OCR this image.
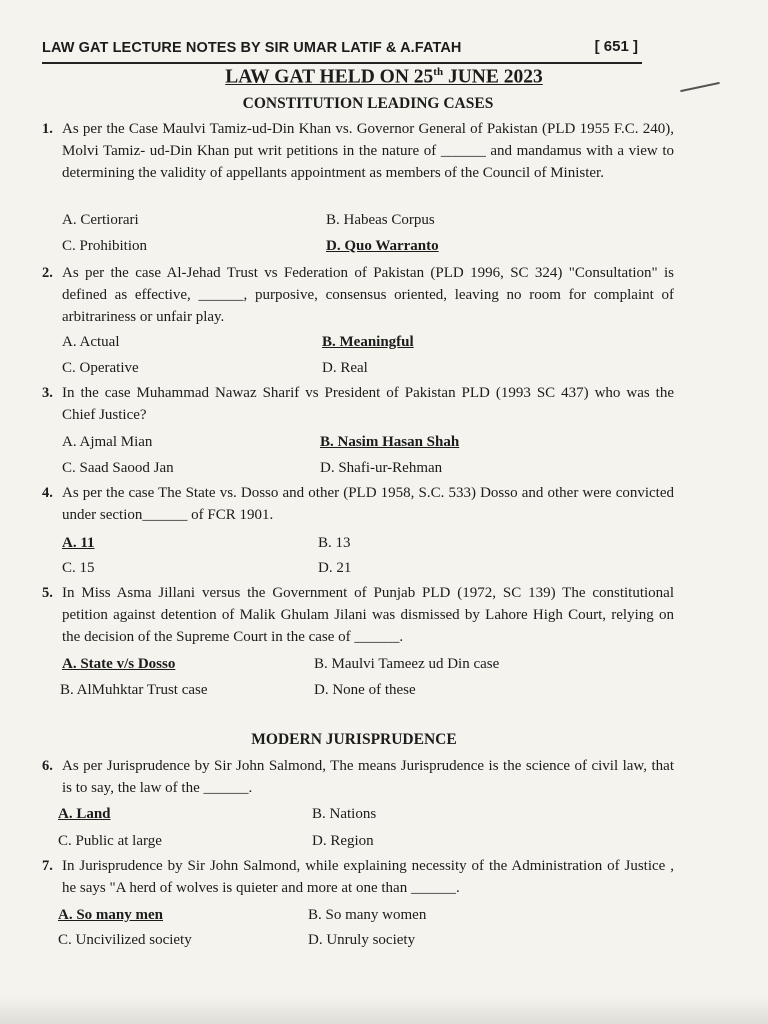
LAW GAT LECTURE NOTES BY SIR UMAR LATIF & A.FATAH	[ 651 ]
LAW GAT HELD ON 25th JUNE 2023
CONSTITUTION LEADING CASES
1. As per the Case Maulvi Tamiz-ud-Din Khan vs. Governor General of Pakistan (PLD 1955 F.C. 240), Molvi Tamiz- ud-Din Khan put writ petitions in the nature of ______ and mandamus with a view to determining the validity of appellants appointment as members of the Council of Minister.
A. Certiorari	B. Habeas Corpus
C. Prohibition	D. Quo Warranto
2. As per the case Al-Jehad Trust vs Federation of Pakistan (PLD 1996, SC 324) "Consultation" is defined as effective, ______, purposive, consensus oriented, leaving no room for complaint of arbitrariness or unfair play.
A. Actual	B. Meaningful
C. Operative	D. Real
3. In the case Muhammad Nawaz Sharif vs President of Pakistan PLD (1993 SC 437) who was the Chief Justice?
A. Ajmal Mian	B. Nasim Hasan Shah
C. Saad Saood Jan	D. Shafi-ur-Rehman
4. As per the case The State vs. Dosso and other (PLD 1958, S.C. 533) Dosso and other were convicted under section______ of FCR 1901.
A. 11	B. 13
C. 15	D. 21
5. In Miss Asma Jillani versus the Government of Punjab PLD (1972, SC 139) The constitutional petition against detention of Malik Ghulam Jilani was dismissed by Lahore High Court, relying on the decision of the Supreme Court in the case of ______.
A. State v/s Dosso	B. Maulvi Tameez ud Din case
B. AlMuhktar Trust case	D. None of these
MODERN JURISPRUDENCE
6. As per Jurisprudence by Sir John Salmond, The means Jurisprudence is the science of civil law, that is to say, the law of the ______.
A. Land	B. Nations
C. Public at large	D. Region
7. In Jurisprudence by Sir John Salmond, while explaining necessity of the Administration of Justice , he says "A herd of wolves is quieter and more at one than ______.
A. So many men	B. So many women
C. Uncivilized society	D. Unruly society
